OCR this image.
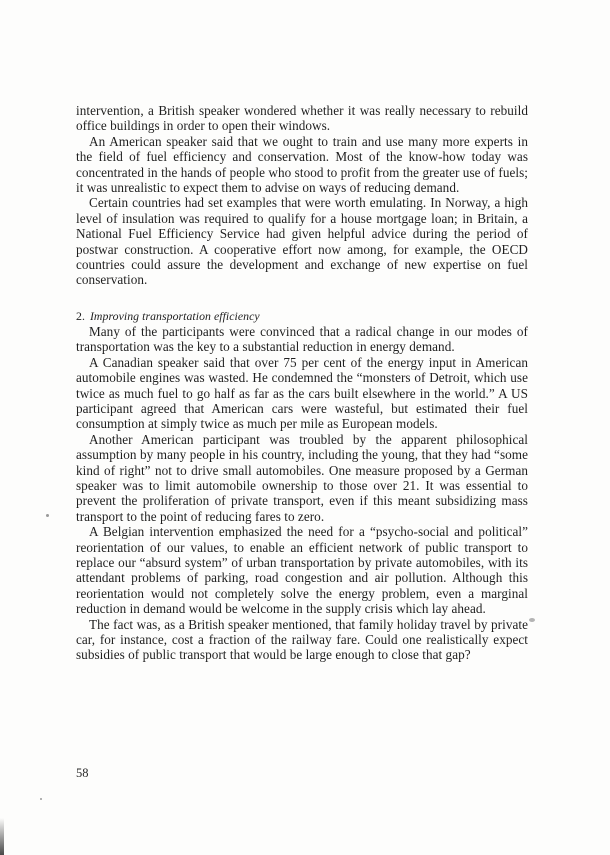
intervention, a British speaker wondered whether it was really necessary to rebuild office buildings in order to open their windows.

An American speaker said that we ought to train and use many more experts in the field of fuel efficiency and conservation. Most of the know-how today was concentrated in the hands of people who stood to profit from the greater use of fuels; it was unrealistic to expect them to advise on ways of reducing demand.

Certain countries had set examples that were worth emulating. In Norway, a high level of insulation was required to qualify for a house mortgage loan; in Britain, a National Fuel Efficiency Service had given helpful advice during the period of postwar construction. A cooperative effort now among, for example, the OECD countries could assure the development and exchange of new expertise on fuel conservation.

2. Improving transportation efficiency

Many of the participants were convinced that a radical change in our modes of transportation was the key to a substantial reduction in energy demand.

A Canadian speaker said that over 75 per cent of the energy input in American automobile engines was wasted. He condemned the “monsters of Detroit, which use twice as much fuel to go half as far as the cars built elsewhere in the world.” A US participant agreed that American cars were wasteful, but estimated their fuel consumption at simply twice as much per mile as European models.

Another American participant was troubled by the apparent philosophical assumption by many people in his country, including the young, that they had “some kind of right” not to drive small automobiles. One measure proposed by a German speaker was to limit automobile ownership to those over 21. It was essential to prevent the proliferation of private transport, even if this meant subsidizing mass transport to the point of reducing fares to zero.

A Belgian intervention emphasized the need for a “psycho-social and political” reorientation of our values, to enable an efficient network of public transport to replace our “absurd system” of urban transportation by private automobiles, with its attendant problems of parking, road congestion and air pollution. Although this reorientation would not completely solve the energy problem, even a marginal reduction in demand would be welcome in the supply crisis which lay ahead.

The fact was, as a British speaker mentioned, that family holiday travel by private car, for instance, cost a fraction of the railway fare. Could one realistically expect subsidies of public transport that would be large enough to close that gap?

58
